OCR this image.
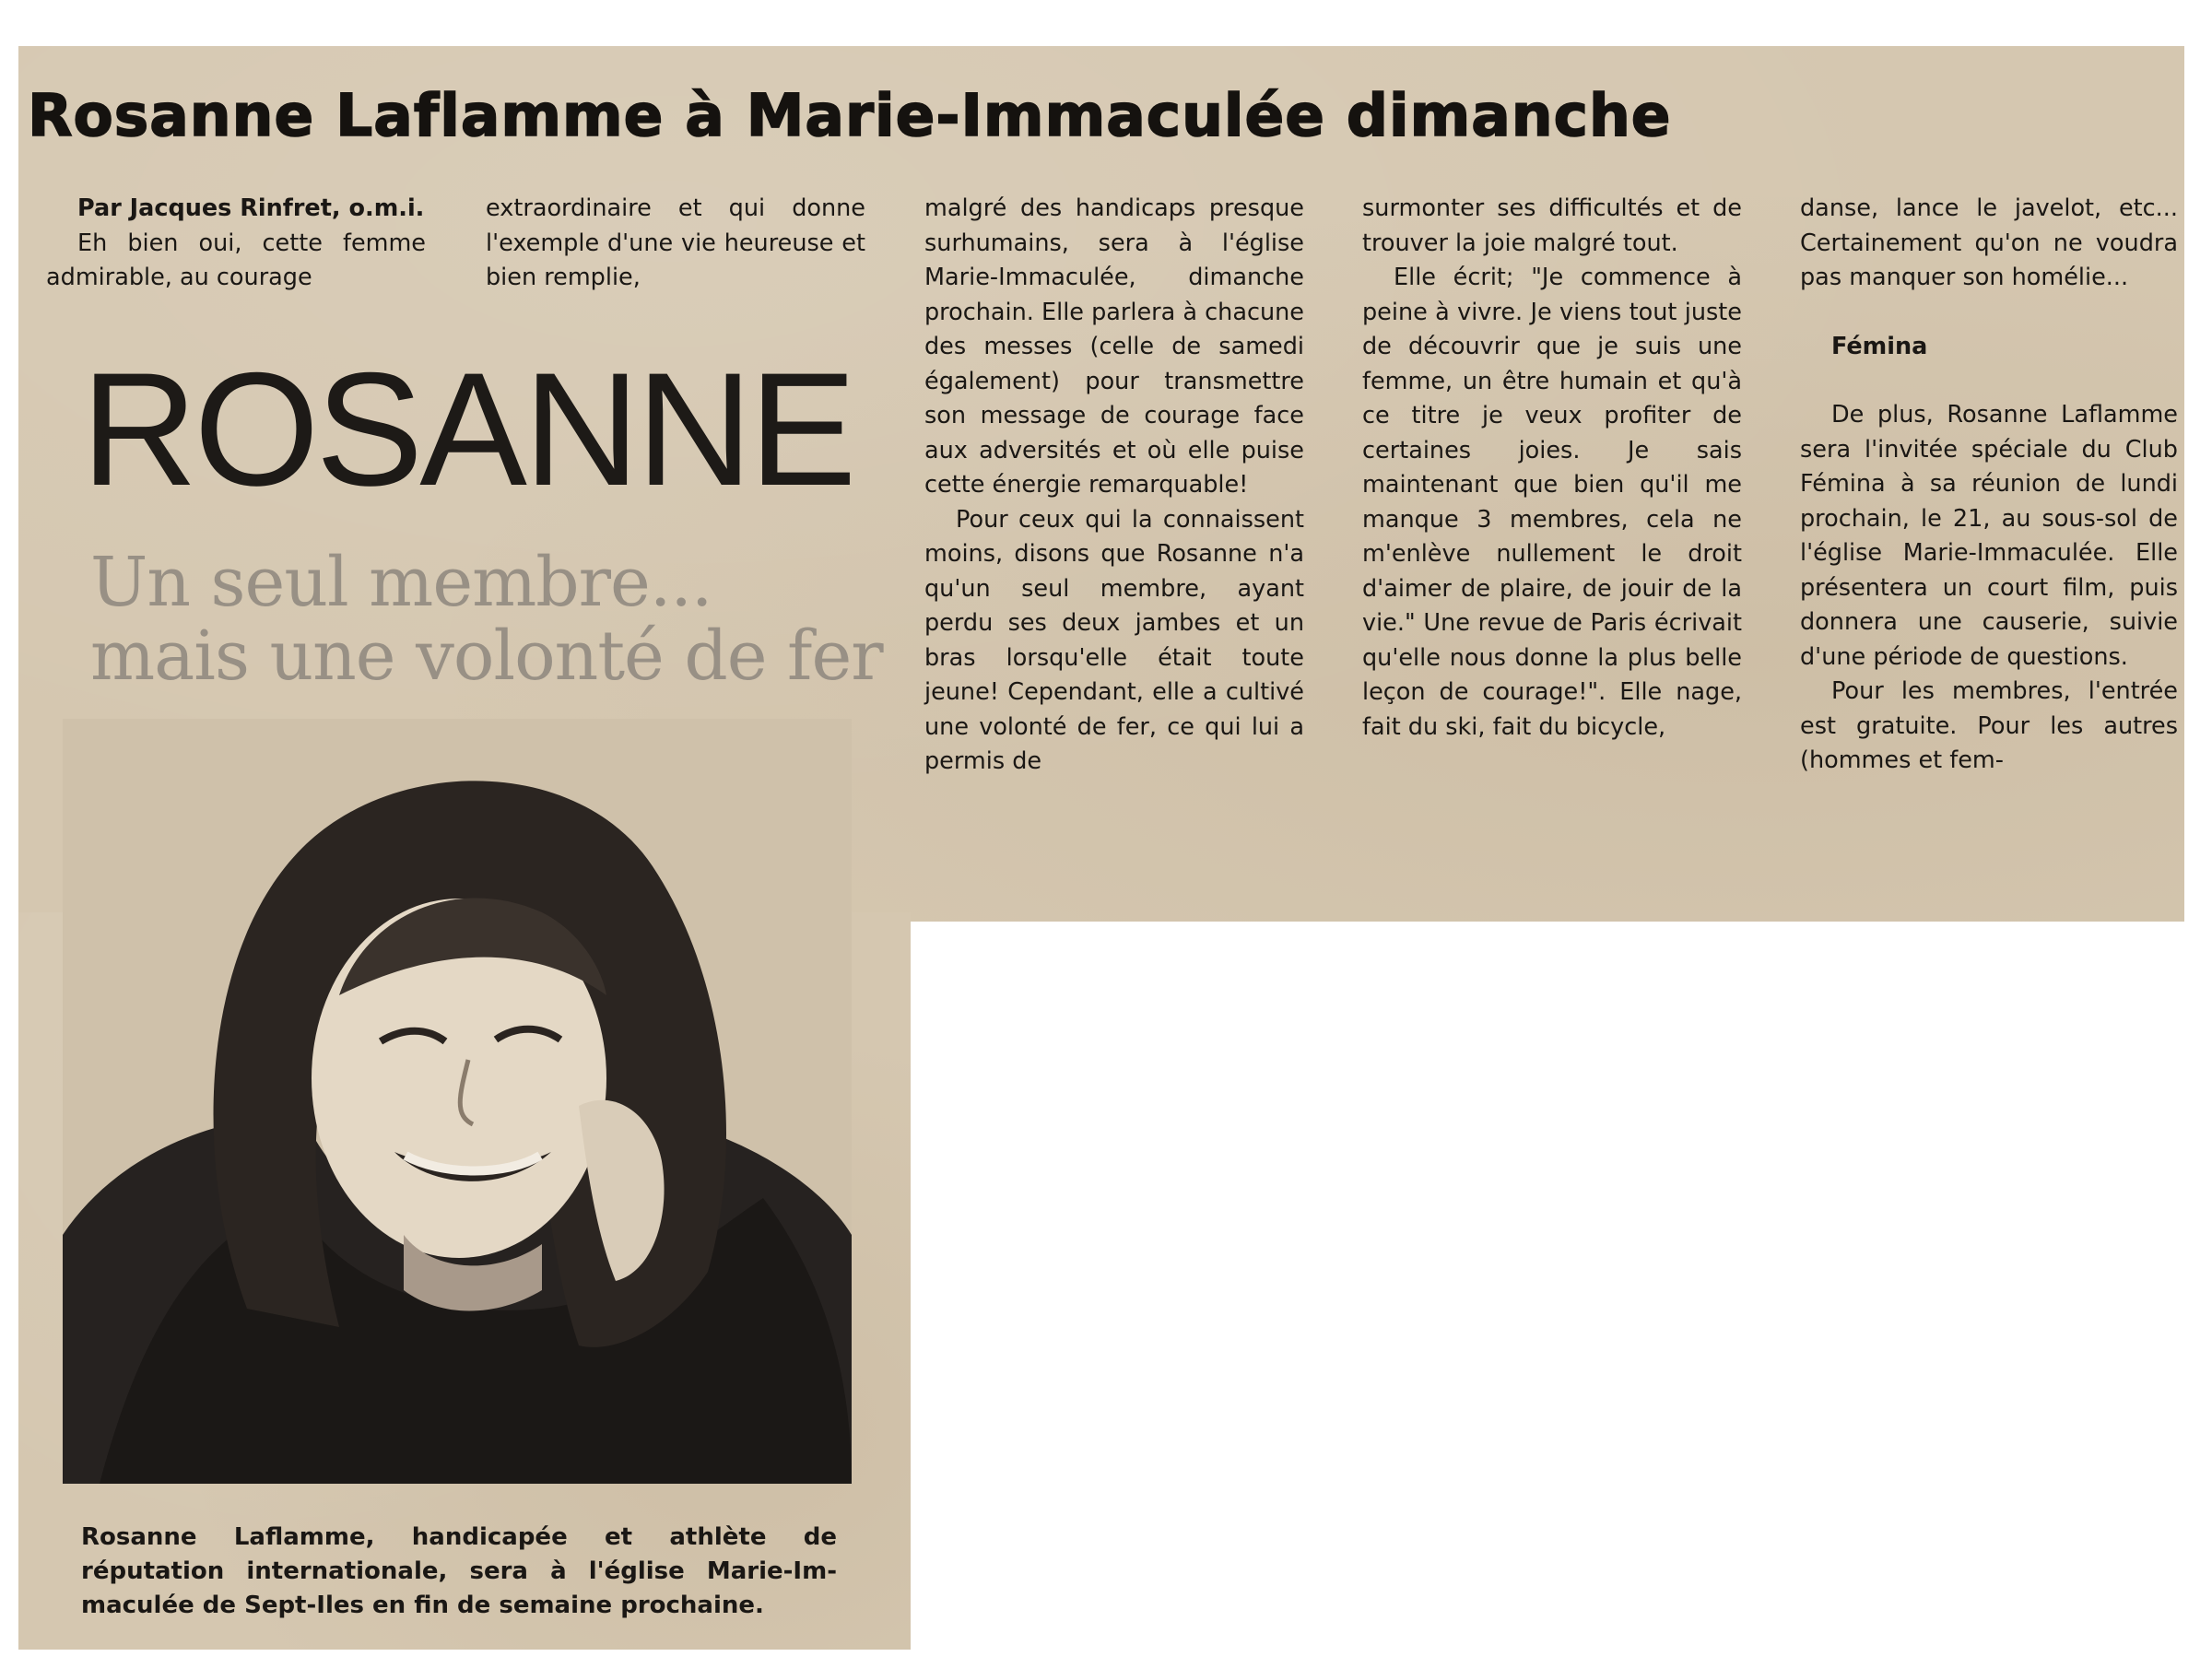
Rosanne Laflamme à Marie-Immaculée dimanche

Par Jacques Rinfret, o.m.i.

Eh bien oui, cette femme admirable, au courage

extraordinaire et qui donne l'exemple d'une vie heureuse et bien remplie,

malgré des handicaps presque surhumains, sera à l'église Marie-Immaculée, dimanche prochain. Elle parlera à chacune des messes (celle de samedi également) pour transmettre son message de courage face aux adversités et où elle puise cette énergie remarquable!

Pour ceux qui la connaissent moins, disons que Rosanne n'a qu'un seul membre, ayant perdu ses deux jambes et un bras lorsqu'elle était toute jeune! Cependant, elle a cultivé une volonté de fer, ce qui lui a permis de

surmonter ses difficultés et de trouver la joie malgré tout.

Elle écrit; "Je commence à peine à vivre. Je viens tout juste de découvrir que je suis une femme, un être humain et qu'à ce titre je veux profiter de certaines joies. Je sais maintenant que bien qu'il me manque 3 membres, cela ne m'enlève nullement le droit d'aimer de plaire, de jouir de la vie." Une revue de Paris écrivait qu'elle nous donne la plus belle leçon de courage!". Elle nage, fait du ski, fait du bicycle,

danse, lance le javelot, etc... Certainement qu'on ne voudra pas manquer son homélie...

Fémina

De plus, Rosanne Laflamme sera l'invitée spéciale du Club Fémina à sa réunion de lundi prochain, le 21, au sous-sol de l'église Marie-Immaculée. Elle présentera un court film, puis donnera une causerie, suivie d'une période de questions.

Pour les membres, l'entrée est gratuite. Pour les autres (hommes et fem-

ROSANNE
Un seul membre...
mais une volonté de fer

Rosanne Laflamme, handicapée et athlète de réputation internationale, sera à l'église Marie-Immaculée de Sept-Iles en fin de semaine prochaine.
